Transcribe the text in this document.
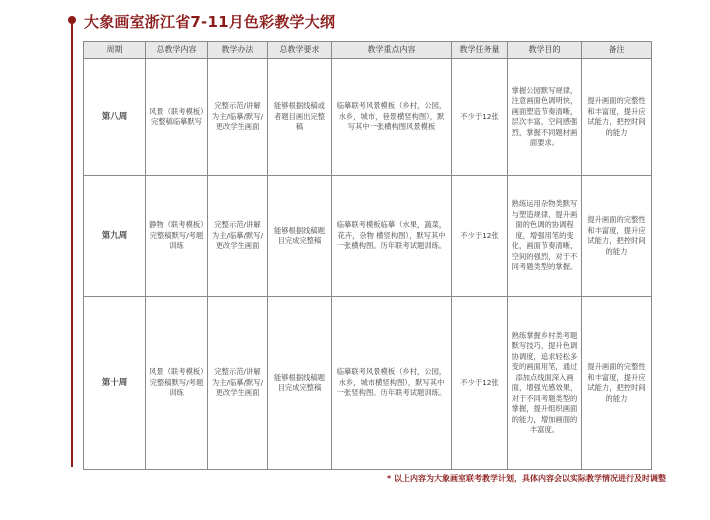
大象画室浙江省7-11月色彩教学大纲
周期	总教学内容	教学办法	总教学要求	教学重点内容	教学任务量	教学目的	备注
第八周	风景（联考模板）完整稿临摹默写	完整示范/讲解为主/临摹/默写/更改学生画面	能够根据线稿或者题目画出完整稿	临摹联考风景模板（乡村，公园，水乡，城市，巷景横竖构图），默写其中一张横构图风景模板	不少于12张	掌握公园默写规律，注意画面色调明快，画面塑造节奏清晰，层次丰富，空间感强烈，掌握不同题材画面要求。	提升画面的完整性和丰富度，提升应试能力，把控时间的能力
第九周	静物（联考模板）完整稿默写/考题训练	完整示范/讲解为主/临摹/默写/更改学生画面	能够根据线稿题目完成完整稿	临摹联考模板临摹（水果，蔬菜，花卉，杂物 横竖构图），默写其中一张横构图。历年联考试题训练。	不少于12张	熟练运用杂物类默写与塑造规律，提升画面的色调的协调程度，增强用笔的变化，画面节奏清晰，空间的强烈，对于不同考题类型的掌握。	提升画面的完整性和丰富度，提升应试能力，把控时间的能力
第十周	风景（联考模板）完整稿默写/考题训练	完整示范/讲解为主/临摹/默写/更改学生画面	能够根据线稿题目完成完整稿	临摹联考风景模板（乡村，公园，水乡，城市横竖构图），默写其中一张竖构图。历年联考试题训练。	不少于12张	熟练掌握乡村类考题默写技巧，提升色调协调度，追求轻松多变的画面用笔，通过添加点线面深入画面，增强光感效果，对于不同考题类型的掌握，提升组织画面的能力，增加画面的丰富度。	提升画面的完整性和丰富度，提升应试能力，把控时间的能力
* 以上内容为大象画室联考教学计划，具体内容会以实际教学情况进行及时调整
